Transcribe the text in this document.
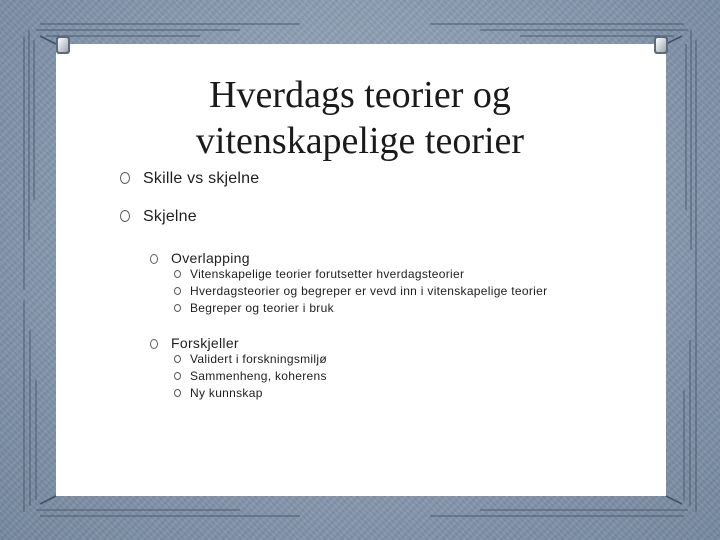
Hverdags teorier og
vitenskapelige teorier
Skille vs skjelne
Skjelne
Overlapping
Vitenskapelige teorier forutsetter hverdagsteorier
Hverdagsteorier og begreper er vevd inn i vitenskapelige teorier
Begreper og teorier i bruk
Forskjeller
Validert i forskningsmiljø
Sammenheng, koherens
Ny kunnskap
